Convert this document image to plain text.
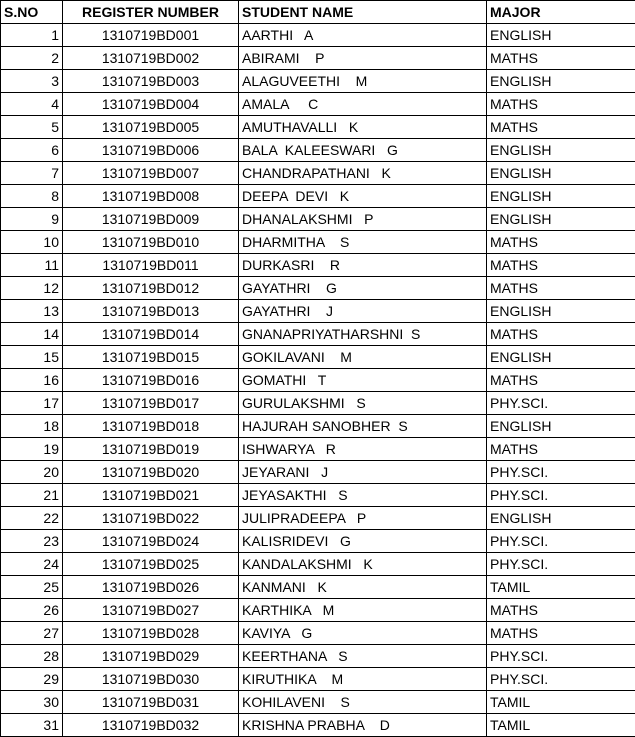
S.NO	REGISTER NUMBER	STUDENT NAME	MAJOR
1	1310719BD001	AARTHI   A	ENGLISH
2	1310719BD002	ABIRAMI    P	MATHS
3	1310719BD003	ALAGUVEETHI    M	ENGLISH
4	1310719BD004	AMALA     C	MATHS
5	1310719BD005	AMUTHAVALLI   K	MATHS
6	1310719BD006	BALA  KALEESWARI   G	ENGLISH
7	1310719BD007	CHANDRAPATHANI   K	ENGLISH
8	1310719BD008	DEEPA  DEVI   K	ENGLISH
9	1310719BD009	DHANALAKSHMI   P	ENGLISH
10	1310719BD010	DHARMITHA    S	MATHS
11	1310719BD011	DURKASRI    R	MATHS
12	1310719BD012	GAYATHRI    G	MATHS
13	1310719BD013	GAYATHRI    J	ENGLISH
14	1310719BD014	GNANAPRIYATHARSHNI  S	MATHS
15	1310719BD015	GOKILAVANI    M	ENGLISH
16	1310719BD016	GOMATHI   T	MATHS
17	1310719BD017	GURULAKSHMI   S	PHY.SCI.
18	1310719BD018	HAJURAH SANOBHER  S	ENGLISH
19	1310719BD019	ISHWARYA   R	MATHS
20	1310719BD020	JEYARANI   J	PHY.SCI.
21	1310719BD021	JEYASAKTHI   S	PHY.SCI.
22	1310719BD022	JULIPRADEEPA   P	ENGLISH
23	1310719BD024	KALISRIDEVI   G	PHY.SCI.
24	1310719BD025	KANDALAKSHMI   K	PHY.SCI.
25	1310719BD026	KANMANI   K	TAMIL
26	1310719BD027	KARTHIKA   M	MATHS
27	1310719BD028	KAVIYA   G	MATHS
28	1310719BD029	KEERTHANA   S	PHY.SCI.
29	1310719BD030	KIRUTHIKA    M	PHY.SCI.
30	1310719BD031	KOHILAVENI    S	TAMIL
31	1310719BD032	KRISHNA PRABHA    D	TAMIL
